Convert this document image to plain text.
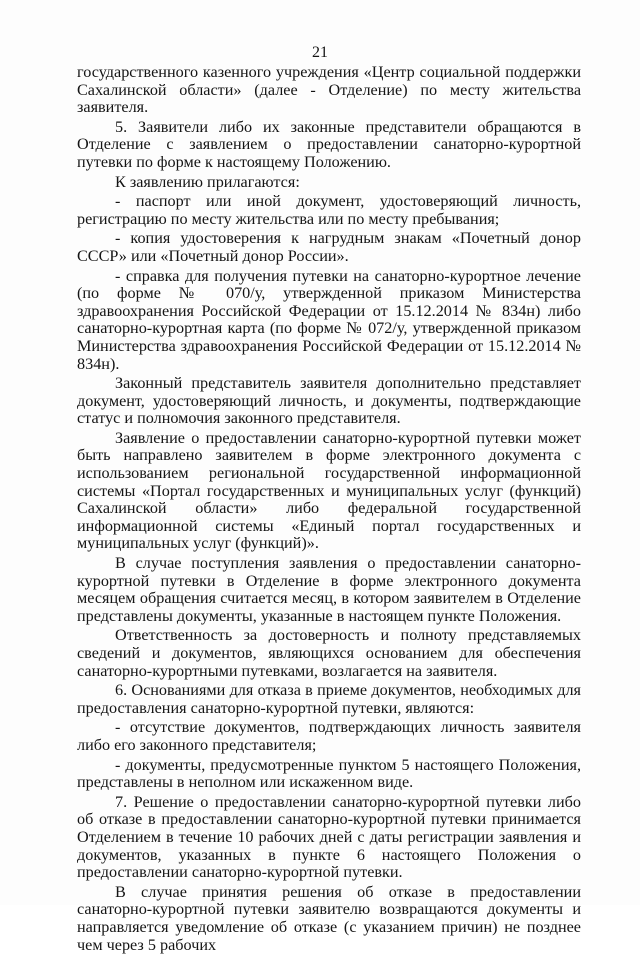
21

государственного казенного учреждения «Центр социальной поддержки Сахалинской области» (далее - Отделение) по месту жительства заявителя.

5. Заявители либо их законные представители обращаются в Отделение с заявлением о предоставлении санаторно-курортной путевки по форме к настоящему Положению.

К заявлению прилагаются:

- паспорт или иной документ, удостоверяющий личность, регистрацию по месту жительства или по месту пребывания;

- копия удостоверения к нагрудным знакам «Почетный донор СССР» или «Почетный донор России».

- справка для получения путевки на санаторно-курортное лечение (по форме № 070/у, утвержденной приказом Министерства здравоохранения Российской Федерации от 15.12.2014 № 834н) либо санаторно-курортная карта (по форме № 072/у, утвержденной приказом Министерства здравоохранения Российской Федерации от 15.12.2014 № 834н).

Законный представитель заявителя дополнительно представляет документ, удостоверяющий личность, и документы, подтверждающие статус и полномочия законного представителя.

Заявление о предоставлении санаторно-курортной путевки может быть направлено заявителем в форме электронного документа с использованием региональной государственной информационной системы «Портал государственных и муниципальных услуг (функций) Сахалинской области» либо федеральной государственной информационной системы «Единый портал государственных и муниципальных услуг (функций)».

В случае поступления заявления о предоставлении санаторно-курортной путевки в Отделение в форме электронного документа месяцем обращения считается месяц, в котором заявителем в Отделение представлены документы, указанные в настоящем пункте Положения.

Ответственность за достоверность и полноту представляемых сведений и документов, являющихся основанием для обеспечения санаторно-курортными путевками, возлагается на заявителя.

6. Основаниями для отказа в приеме документов, необходимых для предоставления санаторно-курортной путевки, являются:

- отсутствие документов, подтверждающих личность заявителя либо его законного представителя;

- документы, предусмотренные пунктом 5 настоящего Положения, представлены в неполном или искаженном виде.

7. Решение о предоставлении санаторно-курортной путевки либо об отказе в предоставлении санаторно-курортной путевки принимается Отделением в течение 10 рабочих дней с даты регистрации заявления и документов, указанных в пункте 6 настоящего Положения о предоставлении санаторно-курортной путевки.

В случае принятия решения об отказе в предоставлении санаторно-курортной путевки заявителю возвращаются документы и направляется уведомление об отказе (с указанием причин) не позднее чем через 5 рабочих
